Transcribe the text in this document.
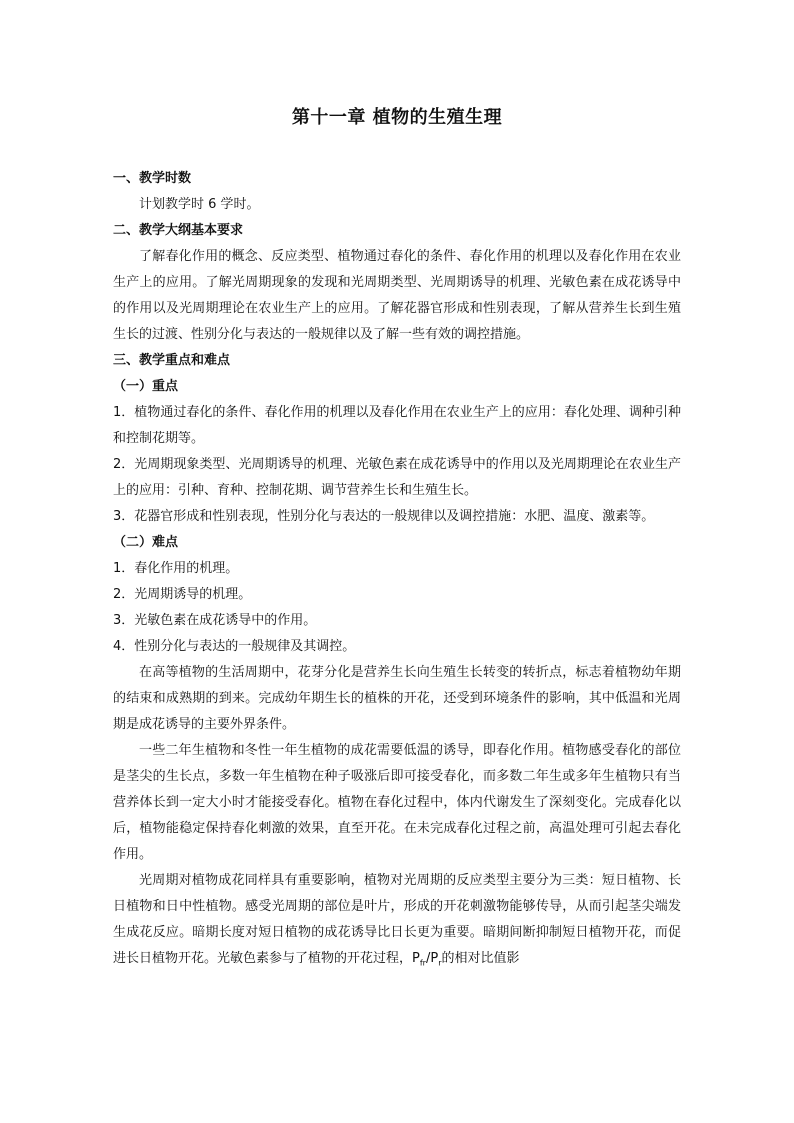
第十一章 植物的生殖生理

一、教学时数

计划教学时 6 学时。

二、教学大纲基本要求

了解春化作用的概念、反应类型、植物通过春化的条件、春化作用的机理以及春化作用在农业生产上的应用。了解光周期现象的发现和光周期类型、光周期诱导的机理、光敏色素在成花诱导中的作用以及光周期理论在农业生产上的应用。了解花器官形成和性别表现，了解从营养生长到生殖生长的过渡、性别分化与表达的一般规律以及了解一些有效的调控措施。

三、教学重点和难点

（一）重点

1．植物通过春化的条件、春化作用的机理以及春化作用在农业生产上的应用：春化处理、调种引种和控制花期等。

2．光周期现象类型、光周期诱导的机理、光敏色素在成花诱导中的作用以及光周期理论在农业生产上的应用：引种、育种、控制花期、调节营养生长和生殖生长。

3．花器官形成和性别表现，性别分化与表达的一般规律以及调控措施：水肥、温度、激素等。

（二）难点

1．春化作用的机理。

2．光周期诱导的机理。

3．光敏色素在成花诱导中的作用。

4．性别分化与表达的一般规律及其调控。

在高等植物的生活周期中，花芽分化是营养生长向生殖生长转变的转折点，标志着植物幼年期的结束和成熟期的到来。完成幼年期生长的植株的开花，还受到环境条件的影响，其中低温和光周期是成花诱导的主要外界条件。

一些二年生植物和冬性一年生植物的成花需要低温的诱导，即春化作用。植物感受春化的部位是茎尖的生长点，多数一年生植物在种子吸涨后即可接受春化，而多数二年生或多年生植物只有当营养体长到一定大小时才能接受春化。植物在春化过程中，体内代谢发生了深刻变化。完成春化以后，植物能稳定保持春化刺激的效果，直至开花。在未完成春化过程之前，高温处理可引起去春化作用。

光周期对植物成花同样具有重要影响，植物对光周期的反应类型主要分为三类：短日植物、长日植物和日中性植物。感受光周期的部位是叶片，形成的开花刺激物能够传导，从而引起茎尖端发生成花反应。暗期长度对短日植物的成花诱导比日长更为重要。暗期间断抑制短日植物开花，而促进长日植物开花。光敏色素参与了植物的开花过程，$P_{fr}/P_r$的相对比值影
